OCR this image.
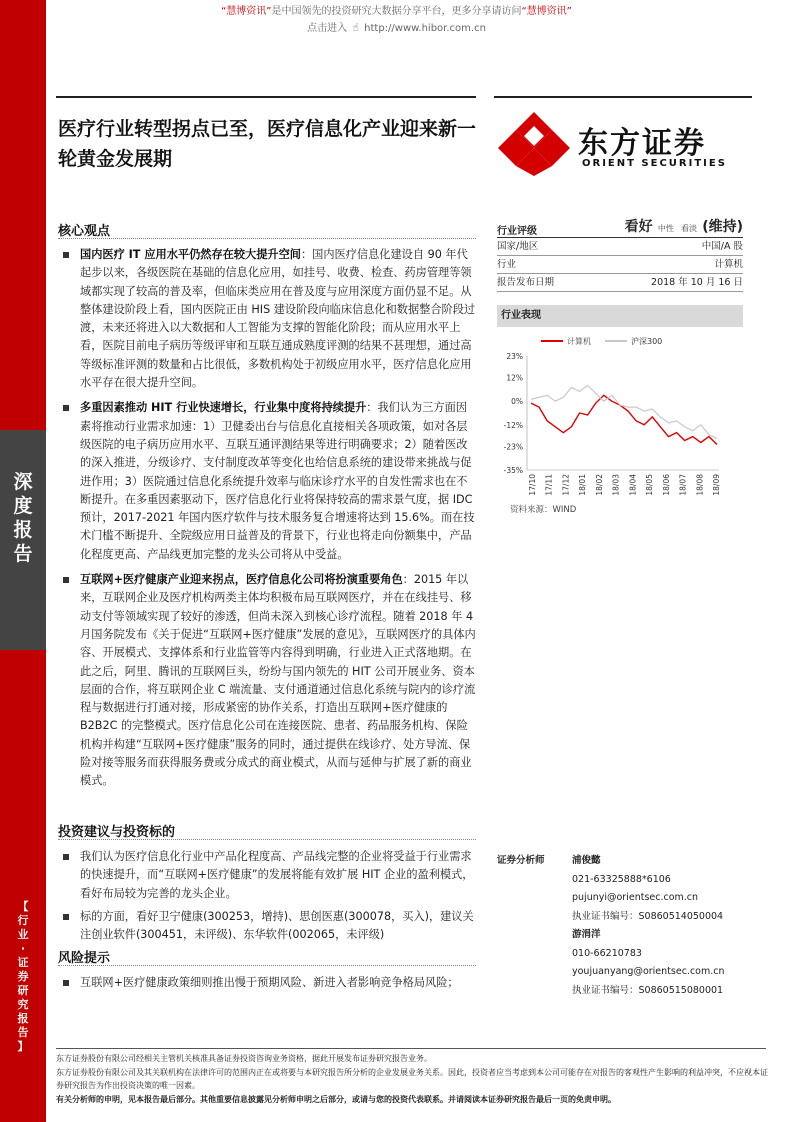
“慧博资讯”是中国领先的投资研究大数据分享平台，更多分享请访问“慧博资讯”
点击进入 ☝ http://www.hibor.com.cn
深
度
报
告
【
行
业
·
证
券
研
究
报
告
】
医疗行业转型拐点已至，医疗信息化产业迎来新一轮黄金发展期	东方证券
ORIENT SECURITIES
核心观点
国内医疗 IT 应用水平仍然存在较大提升空间：国内医疗信息化建设自 90 年代起步以来，各级医院在基础的信息化应用，如挂号、收费、检查、药房管理等领域都实现了较高的普及率，但临床类应用在普及度与应用深度方面仍显不足。从整体建设阶段上看，国内医院正由 HIS 建设阶段向临床信息化和数据整合阶段过渡，未来还将进入以大数据和人工智能为支撑的智能化阶段；而从应用水平上看，医院目前电子病历等级评审和互联互通成熟度评测的结果不甚理想，通过高等级标准评测的数量和占比很低，多数机构处于初级应用水平，医疗信息化应用水平存在很大提升空间。
多重因素推动 HIT 行业快速增长，行业集中度将持续提升：我们认为三方面因素将推动行业需求加速：1）卫健委出台与信息化直接相关各项政策，如对各层级医院的电子病历应用水平、互联互通评测结果等进行明确要求；2）随着医改的深入推进，分级诊疗、支付制度改革等变化也给信息系统的建设带来挑战与促进作用；3）医院通过信息化系统提升效率与临床诊疗水平的自发性需求也在不断提升。在多重因素驱动下，医疗信息化行业将保持较高的需求景气度，据 IDC 预计，2017-2021 年国内医疗软件与技术服务复合增速将达到 15.6%。而在技术门槛不断提升、全院级应用日益普及的背景下，行业也将走向份额集中，产品化程度更高、产品线更加完整的龙头公司将从中受益。
互联网+医疗健康产业迎来拐点，医疗信息化公司将扮演重要角色：2015 年以来，互联网企业及医疗机构两类主体均积极布局互联网医疗，并在在线挂号、移动支付等领域实现了较好的渗透，但尚未深入到核心诊疗流程。随着 2018 年 4 月国务院发布《关于促进“互联网+医疗健康”发展的意见》，互联网医疗的具体内容、开展模式、支撑体系和行业监管等内容得到明确，行业进入正式落地期。在此之后，阿里、腾讯的互联网巨头，纷纷与国内领先的 HIT 公司开展业务、资本层面的合作，将互联网企业 C 端流量、支付通道通过信息化系统与院内的诊疗流程与数据进行打通对接，形成紧密的协作关系，打造出互联网+医疗健康的 B2B2C 的完整模式。医疗信息化公司在连接医院、患者、药品服务机构、保险机构并构建“互联网+医疗健康”服务的同时，通过提供在线诊疗、处方导流、保险对接等服务而获得服务费或分成式的商业模式，从而与延伸与扩展了新的商业模式。
投资建议与投资标的
我们认为医疗信息化行业中产品化程度高、产品线完整的企业将受益于行业需求的快速提升，而“互联网+医疗健康”的发展将能有效扩展 HIT 企业的盈利模式，看好布局较为完善的龙头企业。
标的方面，看好卫宁健康(300253，增持)、思创医惠(300078，买入)，建议关注创业软件(300451，未评级)、东华软件(002065，未评级)
风险提示
互联网+医疗健康政策细则推出慢于预期风险、新进入者影响竞争格局风险；
行业评级	看好 中性 看淡 (维持)
国家/地区	中国/A 股
行业	计算机
报告发布日期	2018 年 10 月 16 日
行业表现
23%
12%
0%
-12%
-23%
-35%
17/10 17/11 17/12 18/01 18/02 18/03 18/04 18/05 18/06 18/07 18/08 18/09
计算机	沪深300
资料来源：WIND
证券分析师	浦俊懿
021-63325888*6106
pujunyi@orientsec.com.cn
执业证书编号：S0860514050004
游涓洋
010-66210783
youjuanyang@orientsec.com.cn
执业证书编号：S0860515080001
东方证券股份有限公司经相关主管机关核准具备证券投资咨询业务资格，据此开展发布证券研究报告业务。
东方证券股份有限公司及其关联机构在法律许可的范围内正在或将要与本研究报告所分析的企业发展业务关系。因此，投资者应当考虑到本公司可能存在对报告的客观性产生影响的利益冲突，不应视本证券研究报告为作出投资决策的唯一因素。
有关分析师的申明，见本报告最后部分。其他重要信息披露见分析师申明之后部分，或请与您的投资代表联系。并请阅读本证券研究报告最后一页的免责申明。
